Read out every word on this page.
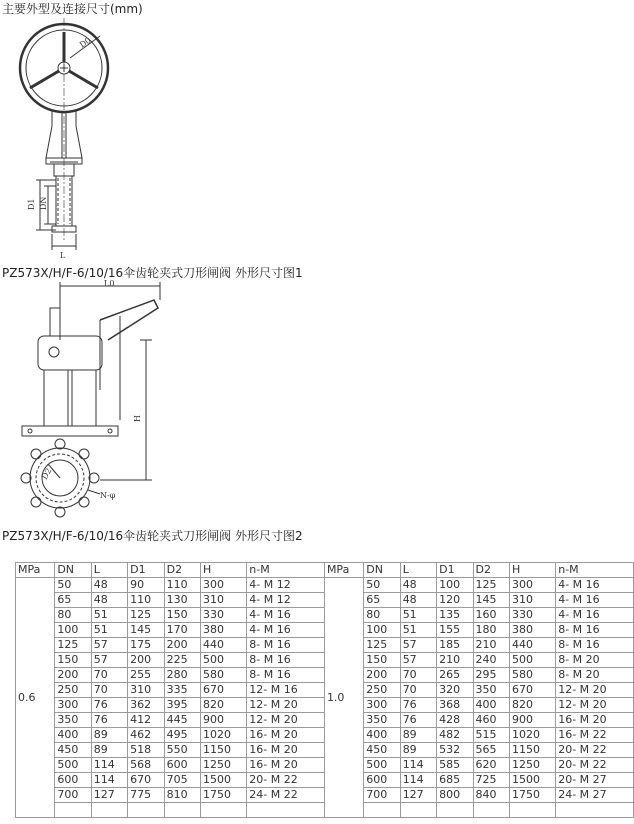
主要外型及连接尺寸(mm)
D0
D1 DN
L
PZ573X/H/F-6/10/16伞齿轮夹式刀形闸阀 外形尺寸图1
L0
H
D2
N-φ
PZ573X/H/F-6/10/16伞齿轮夹式刀形闸阀 外形尺寸图2
MPa	DN	L	D1	D2	H	n-M	MPa	DN	L	D1	D2	H	n-M
0.6	50	48	90	110	300	4- M 12	1.0	50	48	100	125	300	4- M 16
	65	48	110	130	310	4- M 12		65	48	120	145	310	4- M 16
	80	51	125	150	330	4- M 16		80	51	135	160	330	4- M 16
	100	51	145	170	380	4- M 16		100	51	155	180	380	8- M 16
	125	57	175	200	440	8- M 16		125	57	185	210	440	8- M 16
	150	57	200	225	500	8- M 16		150	57	210	240	500	8- M 20
	200	70	255	280	580	8- M 16		200	70	265	295	580	8- M 20
	250	70	310	335	670	12- M 16		250	70	320	350	670	12- M 20
	300	76	362	395	820	12- M 20		300	76	368	400	820	12- M 20
	350	76	412	445	900	12- M 20		350	76	428	460	900	16- M 20
	400	89	462	495	1020	16- M 20		400	89	482	515	1020	16- M 22
	450	89	518	550	1150	16- M 20		450	89	532	565	1150	20- M 22
	500	114	568	600	1250	16- M 20		500	114	585	620	1250	20- M 22
	600	114	670	705	1500	20- M 22		600	114	685	725	1500	20- M 27
	700	127	775	810	1750	24- M 22		700	127	800	840	1750	24- M 27
